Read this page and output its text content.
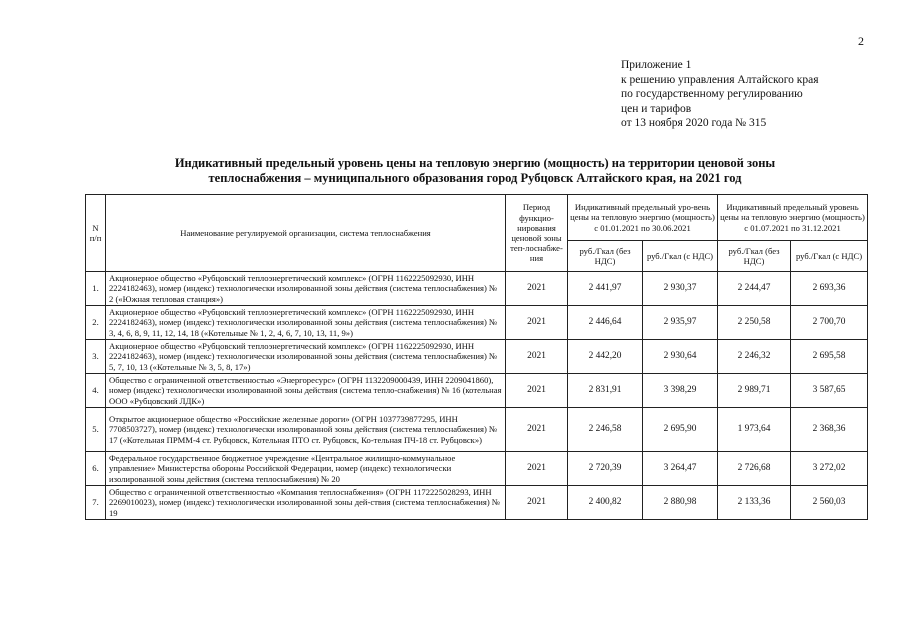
2
Приложение 1
к решению управления Алтайского края
по государственному регулированию
цен и тарифов
от 13 ноября 2020 года № 315
Индикативный предельный уровень цены на тепловую энергию (мощность) на территории ценовой зоны
теплоснабжения – муниципального образования город Рубцовск Алтайского края, на 2021 год
N п/п	Наименование регулируемой организации, система теплоснабжения	Период функцио-нирования ценовой зоны теп-лоснабже-ния	Индикативный предельный уро-вень цены на тепловую энергию (мощность) с 01.01.2021 по 30.06.2021		Индикативный предельный уровень цены на тепловую энергию (мощность) с 01.07.2021 по 31.12.2021	
			руб./Гкал (без НДС)	руб./Гкал (с НДС)	руб./Гкал (без НДС)	руб./Гкал (с НДС)
1.	Акционерное общество «Рубцовский теплоэнергетический комплекс» (ОГРН 1162225092930, ИНН 2224182463), номер (индекс) технологически изолированной зоны действия (система теплоснабжения) № 2 («Южная тепловая станция»)	2021	2 441,97	2 930,37	2 244,47	2 693,36
2.	Акционерное общество «Рубцовский теплоэнергетический комплекс» (ОГРН 1162225092930, ИНН 2224182463), номер (индекс) технологически изолированной зоны действия (система теплоснабжения) № 3, 4, 6, 8, 9, 11, 12, 14, 18 («Котельные № 1, 2, 4, 6, 7, 10, 13, 11, 9»)	2021	2 446,64	2 935,97	2 250,58	2 700,70
3.	Акционерное общество «Рубцовский теплоэнергетический комплекс» (ОГРН 1162225092930, ИНН 2224182463), номер (индекс) технологически изолированной зоны действия (система теплоснабжения) № 5, 7, 10, 13 («Котельные № 3, 5, 8, 17»)	2021	2 442,20	2 930,64	2 246,32	2 695,58
4.	Общество с ограниченной ответственностью «Энергоресурс» (ОГРН 1132209000439, ИНН 2209041860), номер (индекс) технологически изолированной зоны действия (система тепло-снабжения) № 16 (котельная ООО «Рубцовский ЛДК»)	2021	2 831,91	3 398,29	2 989,71	3 587,65
5.	Открытое акционерное общество «Российские железные дороги» (ОГРН 1037739877295, ИНН 7708503727), номер (индекс) технологически изолированной зоны действия (система теплоснабжения) № 17 («Котельная ПРММ-4 ст. Рубцовск, Котельная ПТО ст. Рубцовск, Ко-тельная ПЧ-18 ст. Рубцовск»)	2021	2 246,58	2 695,90	1 973,64	2 368,36
6.	Федеральное государственное бюджетное учреждение «Центральное жилищно-коммунальное управление» Министерства обороны Российской Федерации, номер (индекс) технологически изолированной зоны действия (система теплоснабжения) № 20	2021	2 720,39	3 264,47	2 726,68	3 272,02
7.	Общество с ограниченной ответственностью «Компания теплоснабжения» (ОГРН 1172225028293, ИНН 2269010023), номер (индекс) технологически изолированной зоны дей-ствия (система теплоснабжения) № 19	2021	2 400,82	2 880,98	2 133,36	2 560,03
